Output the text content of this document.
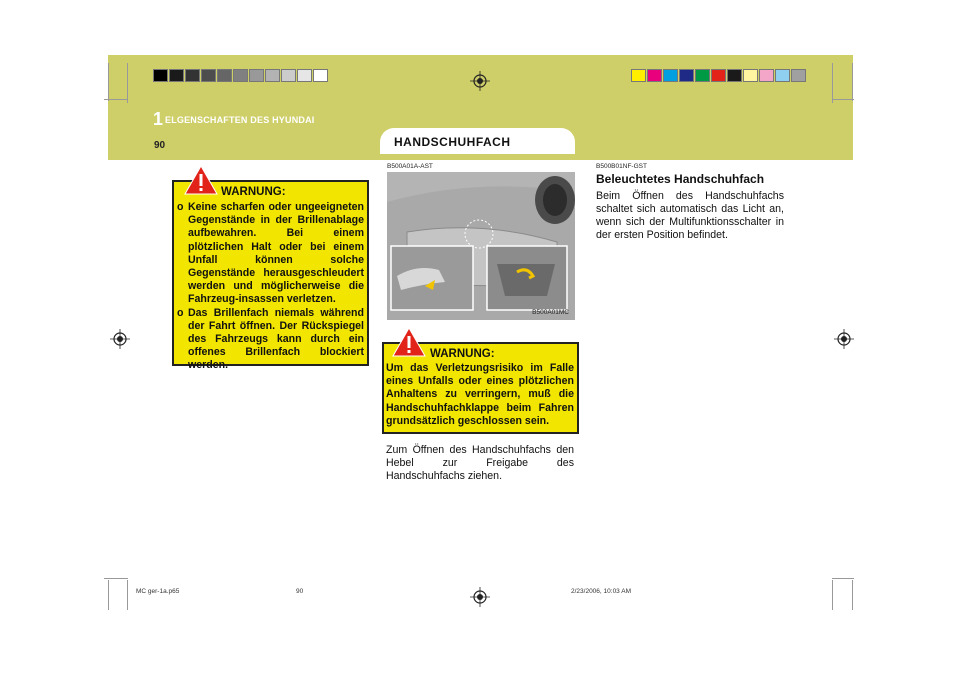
1 ELGENSCHAFTEN DES HYUNDAI
90	HANDSCHUHFACH
WARNUNG:
o Keine scharfen oder ungeeigneten Gegenstände in der Brillenablage aufbewahren. Bei einem plötzlichen Halt oder bei einem Unfall können solche Gegenstände herausgeschleudert werden und möglicherweise die Fahrzeug-insassen verletzen.
o Das Brillenfach niemals während der Fahrt öffnen. Der Rückspiegel des Fahrzeugs kann durch ein offenes Brillenfach blockiert werden.
B500A01A-AST
B500A01MC
WARNUNG:
Um das Verletzungsrisiko im Falle eines Unfalls oder eines plötzlichen Anhaltens zu verringern, muß die Handschuhfachklappe beim Fahren grundsätzlich geschlossen sein.
Zum Öffnen des Handschuhfachs den Hebel zur Freigabe des Handschuhfachs ziehen.
B500B01NF-GST
Beleuchtetes Handschuhfach
Beim Öffnen des Handschuhfachs schaltet sich automatisch das Licht an, wenn sich der Multifunktionsschalter in der ersten Position befindet.
MC ger-1a.p65	90	2/23/2006, 10:03 AM
